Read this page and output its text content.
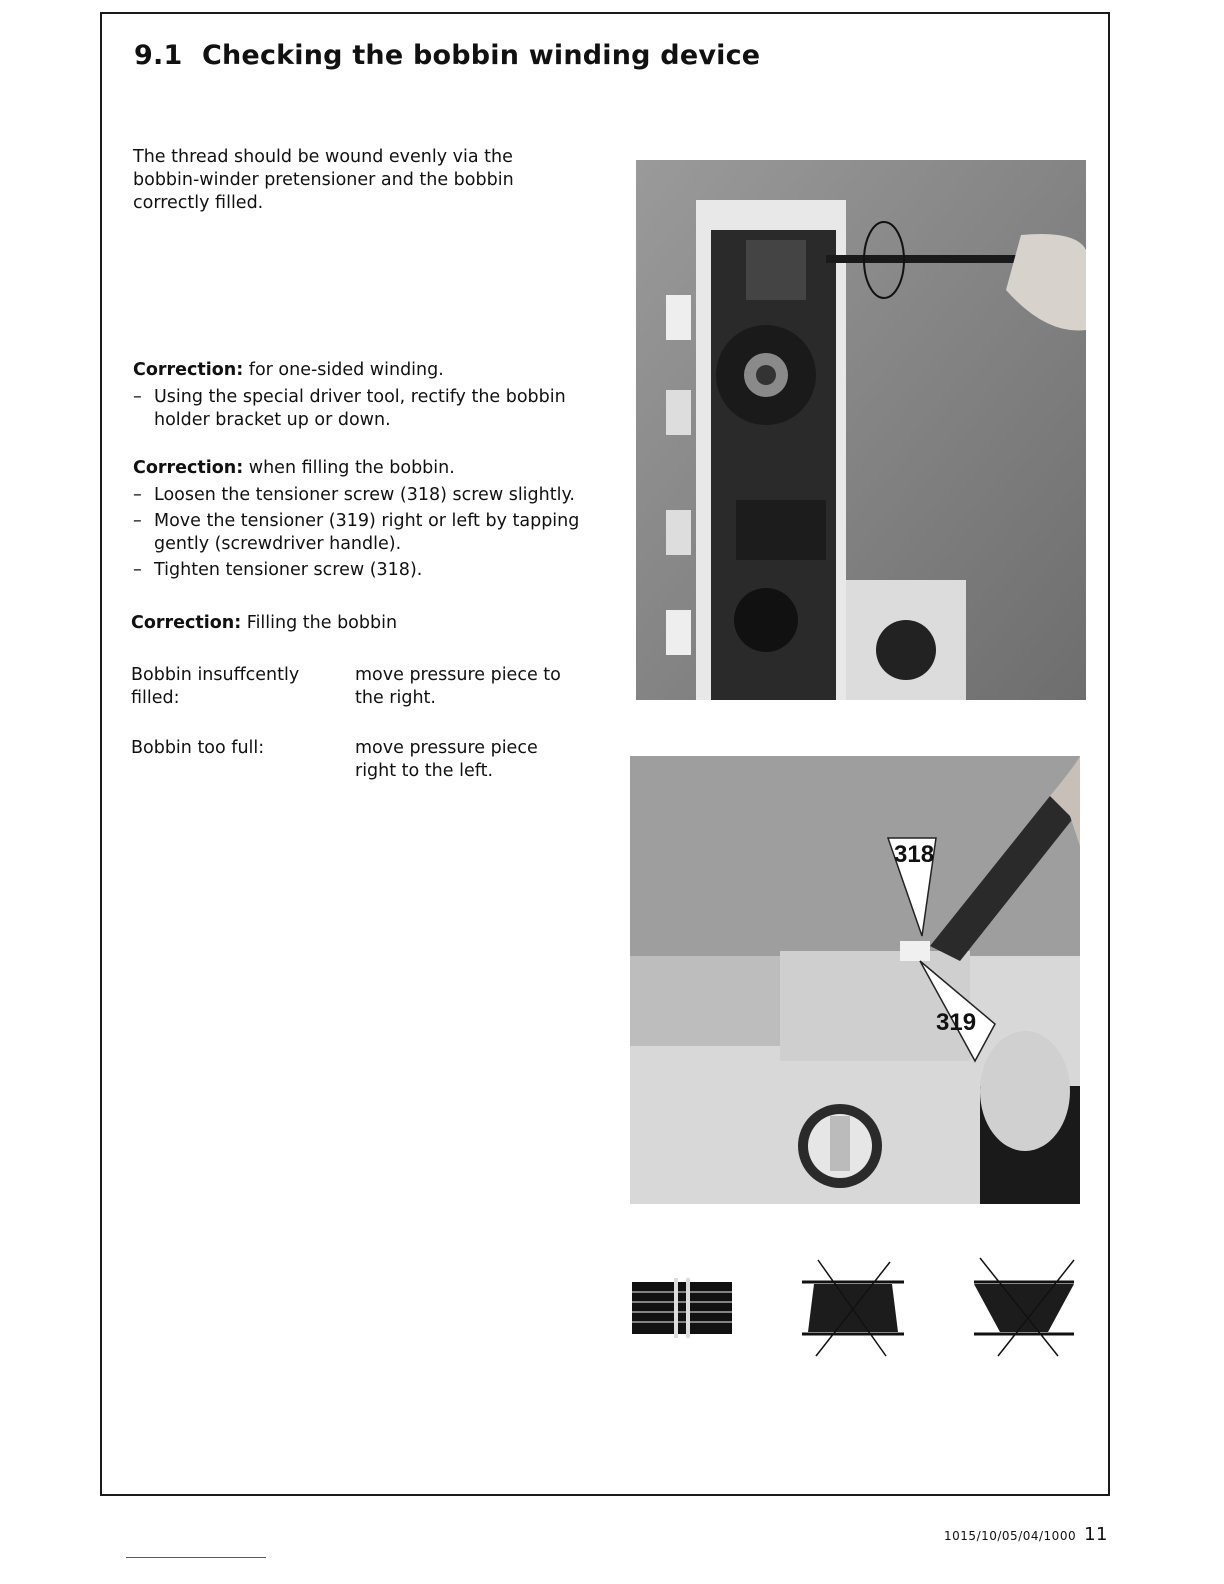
9.1 Checking the bobbin winding device
The thread should be wound evenly via the bobbin-winder pretensioner and the bobbin correctly filled.
Correction: for one-sided winding.
– Using the special driver tool, rectify the bobbin holder bracket up or down.
Correction: when filling the bobbin.
– Loosen the tensioner screw (318) screw slightly.
– Move the tensioner (319) right or left by tapping gently (screwdriver handle).
– Tighten tensioner screw (318).
Correction: Filling the bobbin
Bobbin insuffcently filled:
move pressure piece to the right.
Bobbin too full:	move pressure piece right to the left.
318
319
1015/10/05/04/1000 11
